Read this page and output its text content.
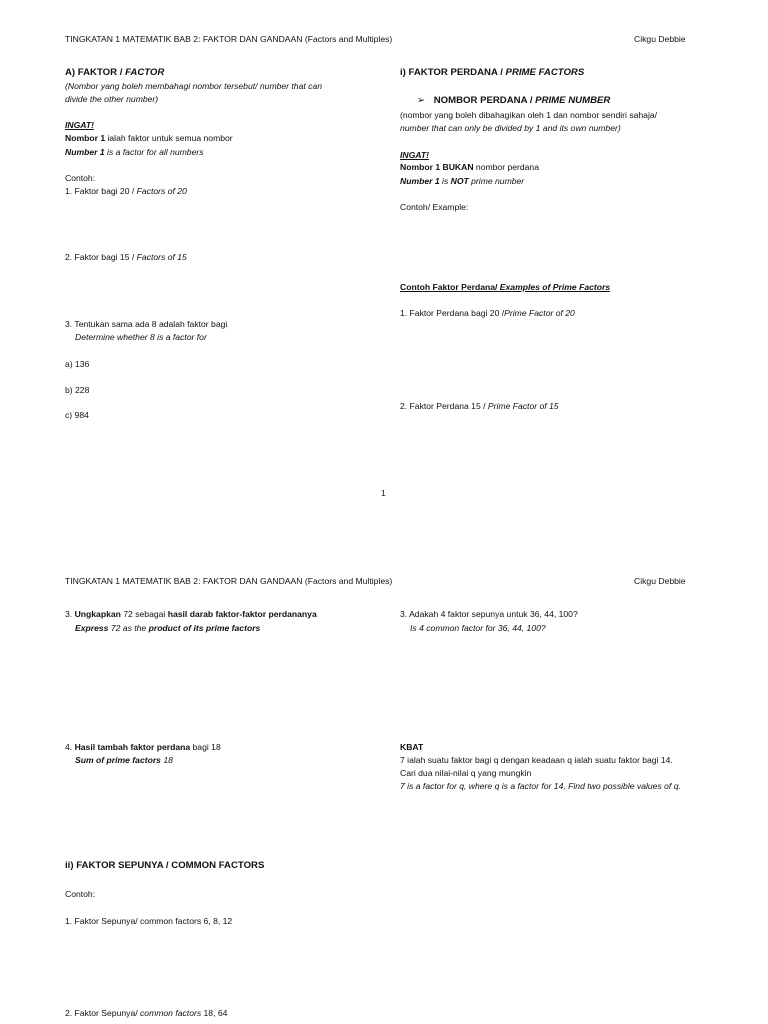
TINGKATAN 1 MATEMATIK BAB 2: FAKTOR DAN GANDAAN (Factors and Multiples)	Cikgu Debbie
A) FAKTOR / FACTOR
(Nombor yang boleh membahagi nombor tersebut/ number that can
divide the other number)
INGAT!
Nombor 1 ialah faktor untuk semua nombor
Number 1 is a factor for all numbers
Contoh:
1. Faktor bagi 20 / Factors of 20
2. Faktor bagi 15 / Factors of 15
3. Tentukan sama ada 8 adalah faktor bagi
Determine whether 8 is a factor for
a) 136
b) 228
c) 984
i) FAKTOR PERDANA / PRIME FACTORS
➢ NOMBOR PERDANA / PRIME NUMBER
(nombor yang boleh dibahagikan oleh 1 dan nombor sendiri sahaja/
number that can only be divided by 1 and its own number)
INGAT!
Nombor 1 BUKAN nombor perdana
Number 1 is NOT prime number
Contoh/ Example:
Contoh Faktor Perdana/ Examples of Prime Factors
1. Faktor Perdana bagi 20 /Prime Factor of 20
2. Faktor Perdana 15 / Prime Factor of 15
1
TINGKATAN 1 MATEMATIK BAB 2: FAKTOR DAN GANDAAN (Factors and Multiples)	Cikgu Debbie
3. Ungkapkan 72 sebagai hasil darab faktor-faktor perdananya
Express 72 as the product of its prime factors
4. Hasil tambah faktor perdana bagi 18
Sum of prime factors 18
ii) FAKTOR SEPUNYA / COMMON FACTORS
Contoh:
1. Faktor Sepunya/ common factors 6, 8, 12
2. Faktor Sepunya/ common factors 18, 64
3. Adakah 4 faktor sepunya untuk 36, 44, 100?
Is 4 common factor for 36, 44, 100?
KBAT
7 ialah suatu faktor bagi q dengan keadaan q ialah suatu faktor bagi 14.
Cari dua nilai-nilai q yang mungkin
7 is a factor for q, where q is a factor for 14, Find two possible values of q.
